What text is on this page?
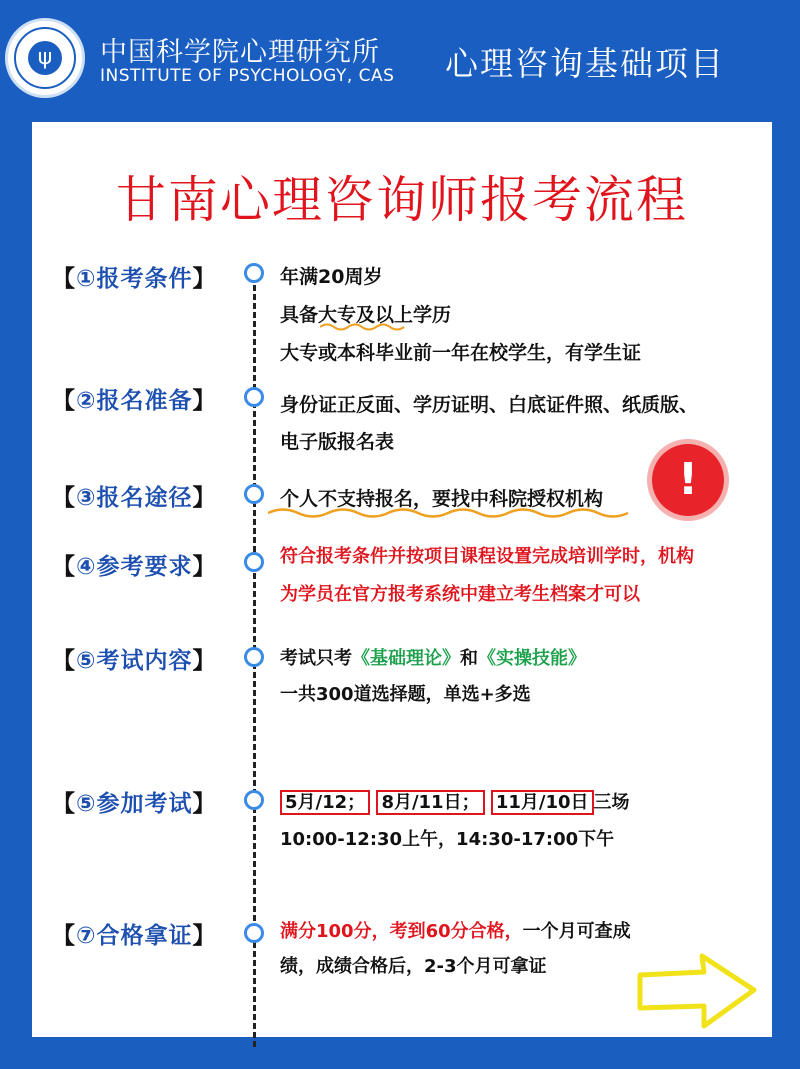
ψ	中国科学院心理研究所
INSTITUTE OF PSYCHOLOGY, CAS 心理咨询基础项目
甘南心理咨询师报考流程
【①报考条件】	年满20周岁
具备大专及以上学历
大专或本科毕业前一年在校学生，有学生证
【②报名准备】	身份证正反面、学历证明、白底证件照、纸质版、
电子版报名表
【③报名途径】	个人不支持报名，要找中科院授权机构	!
【④参考要求】	符合报考条件并按项目课程设置完成培训学时，机构
为学员在官方报考系统中建立考生档案才可以
【⑤考试内容】	考试只考《基础理论》和《实操技能》
一共300道选择题，单选+多选
【⑤参加考试】	5月/12； 8月/11日； 11月/10日 三场
10:00-12:30上午，14:30-17:00下午
【⑦合格拿证】	满分100分，考到60分合格，一个月可查成
绩，成绩合格后，2-3个月可拿证
